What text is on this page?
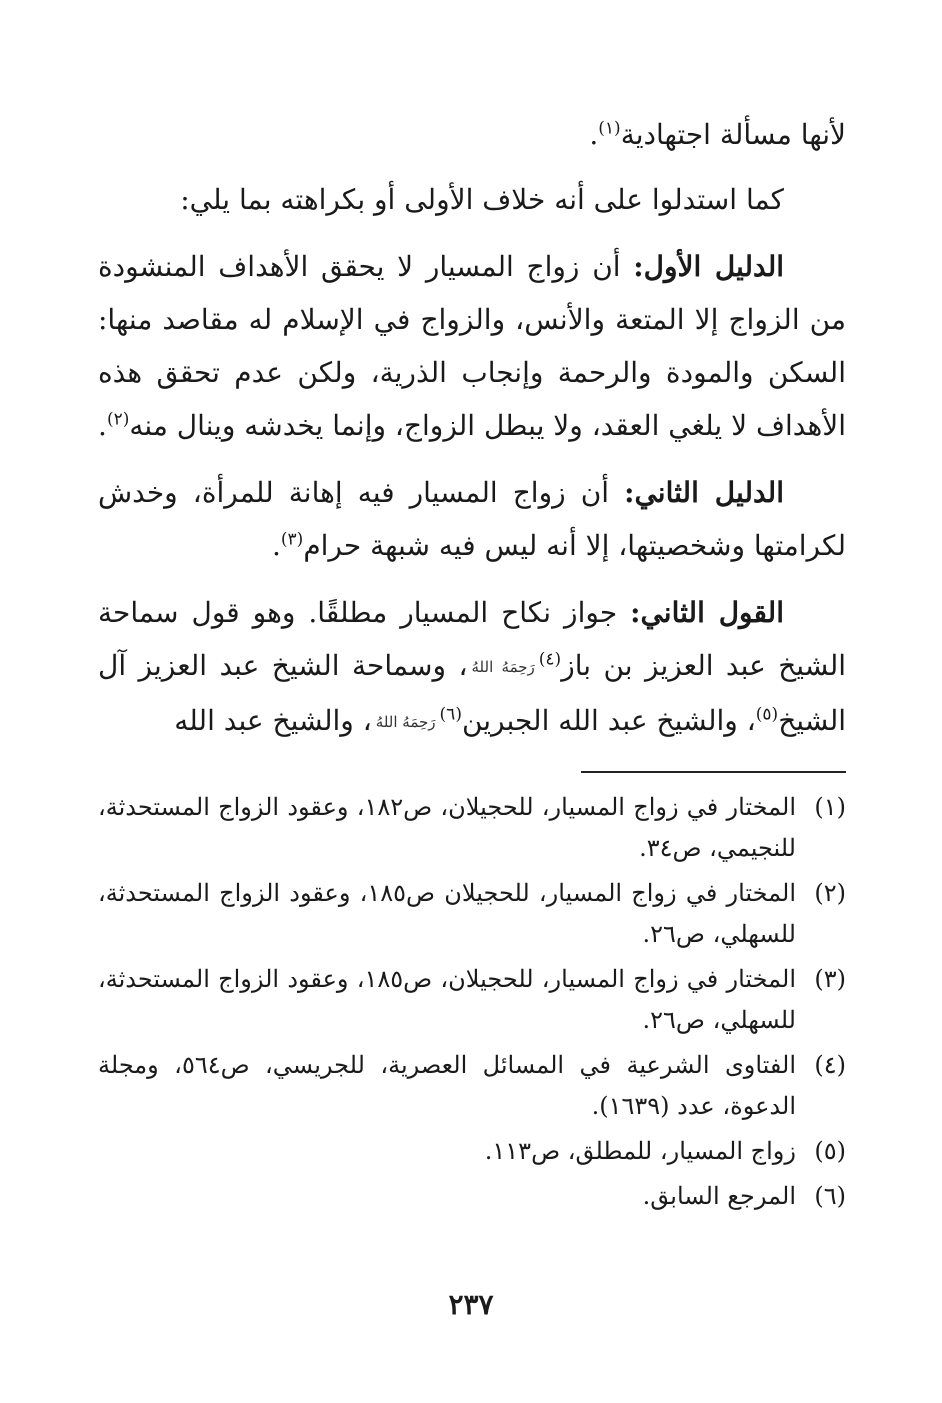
لأنها مسألة اجتهادية$^{(١)}$.

كما استدلوا على أنه خلاف الأولى أو بكراهته بما يلي:

الدليل الأول: أن زواج المسيار لا يحقق الأهداف المنشودة من الزواج إلا المتعة والأنس، والزواج في الإسلام له مقاصد منها: السكن والمودة والرحمة وإنجاب الذرية، ولكن عدم تحقق هذه الأهداف لا يلغي العقد، ولا يبطل الزواج، وإنما يخدشه وينال منه$^{(٢)}$.

الدليل الثاني: أن زواج المسيار فيه إهانة للمرأة، وخدش لكرامتها وشخصيتها، إلا أنه ليس فيه شبهة حرام$^{(٣)}$.

القول الثاني: جواز نكاح المسيار مطلقًا. وهو قول سماحة الشيخ عبد العزيز بن باز$^{(٤)}$رَحِمَهُ اللهُ، وسماحة الشيخ عبد العزيز آل الشيخ$^{(٥)}$، والشيخ عبد الله الجبرين$^{(٦)}$رَحِمَهُ اللهُ، والشيخ عبد الله

(١)
المختار في زواج المسيار، للحجيلان، ص١٨٢، وعقود الزواج المستحدثة، للنجيمي، ص٣٤.
(٢)
المختار في زواج المسيار، للحجيلان ص١٨٥، وعقود الزواج المستحدثة، للسهلي، ص٢٦.
(٣)
المختار في زواج المسيار، للحجيلان، ص١٨٥، وعقود الزواج المستحدثة، للسهلي، ص٢٦.
(٤)
الفتاوى الشرعية في المسائل العصرية، للجريسي، ص٥٦٤، ومجلة الدعوة، عدد (١٦٣٩).
(٥)
زواج المسيار، للمطلق، ص١١٣.
(٦)
المرجع السابق.
٢٣٧
